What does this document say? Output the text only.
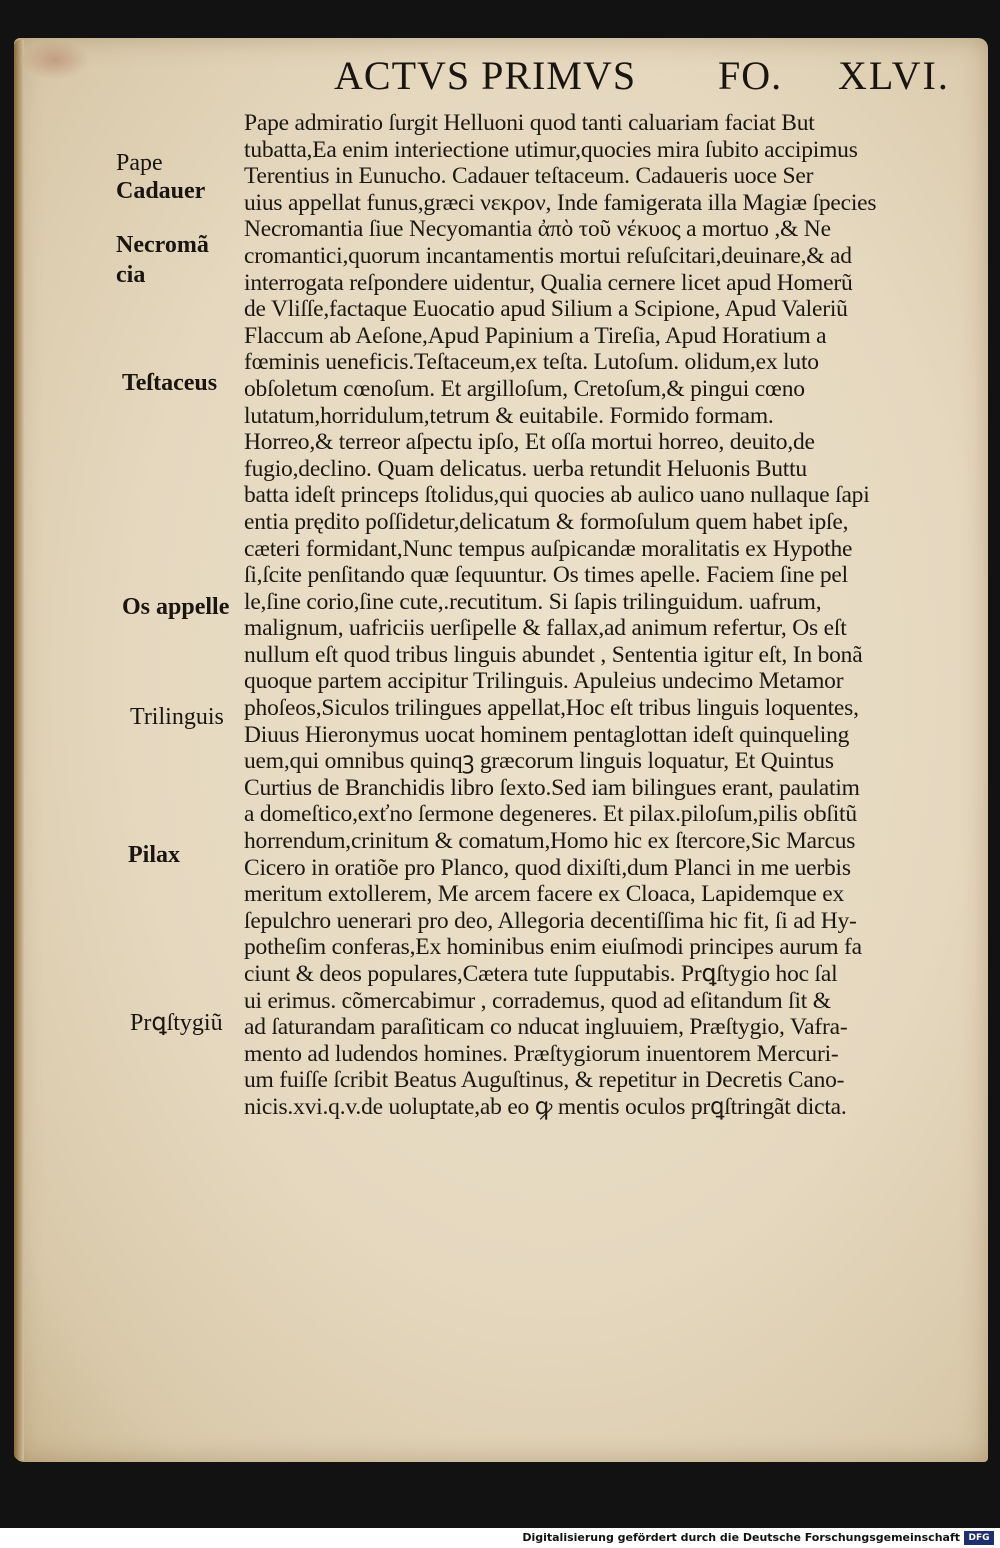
ACTVS PRIMVS FO. XLVI.
Pape
Cadauer
Necromã
cia
Teſtaceus
Os appelle
Trilinguis
Pilax
Prꝗſtygiũ
Pape admiratio ſurgit Helluoni quod tanti caluariam faciat But
tubatta,Ea enim interiectione utimur,quocies mira ſubito accipimus
Terentius in Eunucho. Cadauer teſtaceum. Cadaueris uoce Ser
uius appellat funus,græci νεκρον, Inde famigerata illa Magiæ ſpecies
Necromantia ſiue Necyomantia ἀπὸ τοῦ νέκυος a mortuo ,& Ne
cromantici,quorum incantamentis mortui reſuſcitari,deuinare,& ad
interrogata reſpondere uidentur, Qualia cernere licet apud Homerũ
de Vliſſe,factaque Euocatio apud Silium a Scipione, Apud Valeriũ
Flaccum ab Aeſone,Apud Papinium a Tireſia, Apud Horatium a
fœminis ueneficis.Teſtaceum,ex teſta. Lutoſum. olidum,ex luto
obſoletum cœnoſum. Et argilloſum, Cretoſum,& pingui cœno
lutatum,horridulum,tetrum & euitabile. Formido formam.
Horreo,& terreor aſpectu ipſo, Et oſſa mortui horreo, deuito,de
fugio,declino. Quam delicatus. uerba retundit Heluonis Buttu
batta ideſt princeps ſtolidus,qui quocies ab aulico uano nullaque ſapi
entia prędito poſſidetur,delicatum & formoſulum quem habet ipſe,
cæteri formidant,Nunc tempus auſpicandæ moralitatis ex Hypothe
ſi,ſcite penſitando quæ ſequuntur. Os times apelle. Faciem ſine pel
le,ſine corio,ſine cute,.recutitum. Si ſapis trilinguidum. uafrum,
malignum, uafriciis uerſipelle & fallax,ad animum refertur, Os eſt
nullum eſt quod tribus linguis abundet , Sententia igitur eſt, In bonã
quoque partem accipitur Trilinguis. Apuleius undecimo Metamor
phoſeos,Siculos trilingues appellat,Hoc eſt tribus linguis loquentes,
Diuus Hieronymus uocat hominem pentaglottan ideſt quinqueling
uem,qui omnibus quinqꝫ græcorum linguis loquatur, Et Quintus
Curtius de Branchidis libro ſexto.Sed iam bilingues erant, paulatim
a domeſtico,exťno ſermone degeneres. Et pilax.piloſum,pilis obſitũ
horrendum,crinitum & comatum,Homo hic ex ſtercore,Sic Marcus
Cicero in oratiõe pro Planco, quod dixiſti,dum Planci in me uerbis
meritum extollerem, Me arcem facere ex Cloaca, Lapidemque ex
ſepulchro uenerari pro deo, Allegoria decentiſſima hic fit, ſi ad Hy-
potheſim conferas,Ex hominibus enim eiuſmodi principes aurum fa
ciunt & deos populares,Cætera tute ſupputabis. Prꝗſtygio hoc ſal
ui erimus. cõmercabimur , corrademus, quod ad eſitandum ſit &
ad ſaturandam paraſiticam co nducat ingluuiem, Præſtygio, Vafra-
mento ad ludendos homines. Præſtygiorum inuentorem Mercuri-
um fuiſſe ſcribit Beatus Auguſtinus, & repetitur in Decretis Cano-
nicis.xvi.q.v.de uoluptate,ab eo ꝙ mentis oculos prꝗſtringãt dicta.
Digitalisierung gefördert durch die Deutsche Forschungsgemeinschaft DFG
